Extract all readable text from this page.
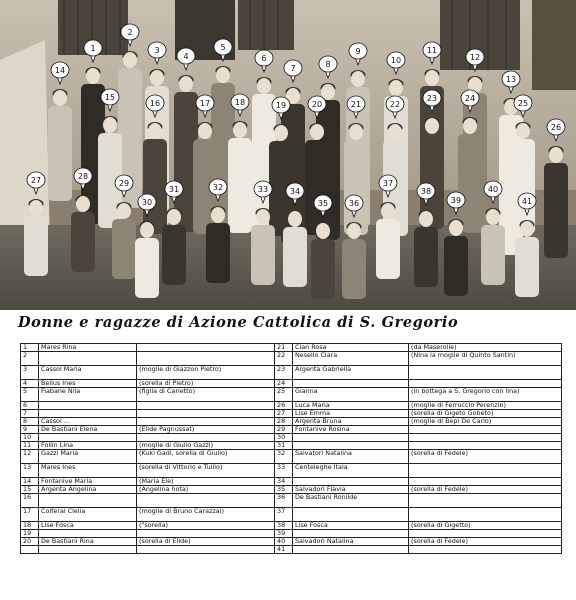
1
2
3
4
5
6
7	8
9
10
11
12
13
14
15
16	17	18	19	20	21	22
23	24
25
26
27	28
29
30
31	32	33	34
35	36
37
38
39
40
41
Donne e ragazze di Azione Cattolica di S. Gregorio
1	Mares Rina		21	Cian Rosa	(da Maserolle)
2			22	Nesello Clara	(Nina la moglie di Quinto Santin)
3	Cassol Maria	(moglie di Giazzon Pietro)	23	Argenta Gabriella	
4	Bellus Ines	(sorella di Pietro)	24		
5	Fiabane Nila	(figlia di Carletto)	25	Gianna	(in bottega a S. Gregorio con lina)
6			26	Luca Maria	(moglie di Ferruccio Perenzin)
7			27	Lise Emma	(sorella di Gigeto Gobeto)
8	Cassol ...		28	Argenta Bruna	(moglie di Bepi De Carlo)
9	De Bastiani Elena	(Elide Pagnussat)	29	Fontanive Rosina	
10			30		
11	Follin Lina	(moglie di Giulio Gazzi)	31		
12	Gazzi Maria	(Kuki Gadi, sorella di Giulio)	32	Salvatori Natalina	(sorella di Fedele)
13	Mares Ines	(sorella di Vittorio e Tullio)	33	Centeleghe Itala	
14	Fontanive Maria	(Maria Ele)	34		
15	Argenta Angelina	(Angelina hota)	35	Salvadori Flavia	(sorella di Fedele)
16			36	De Bastiani Ronilde	
17	Colferai Clelia	(moglie di Bruno Carazzai)	37		
18	Lise Fosca	("sorella)	38	Lise Fosca	(sorella di Gigetto)
19			39		
20	De Bastiani Rina	(sorella di Elide)	40	Salvadori Natalina	(sorella di Fedele)
			41		
